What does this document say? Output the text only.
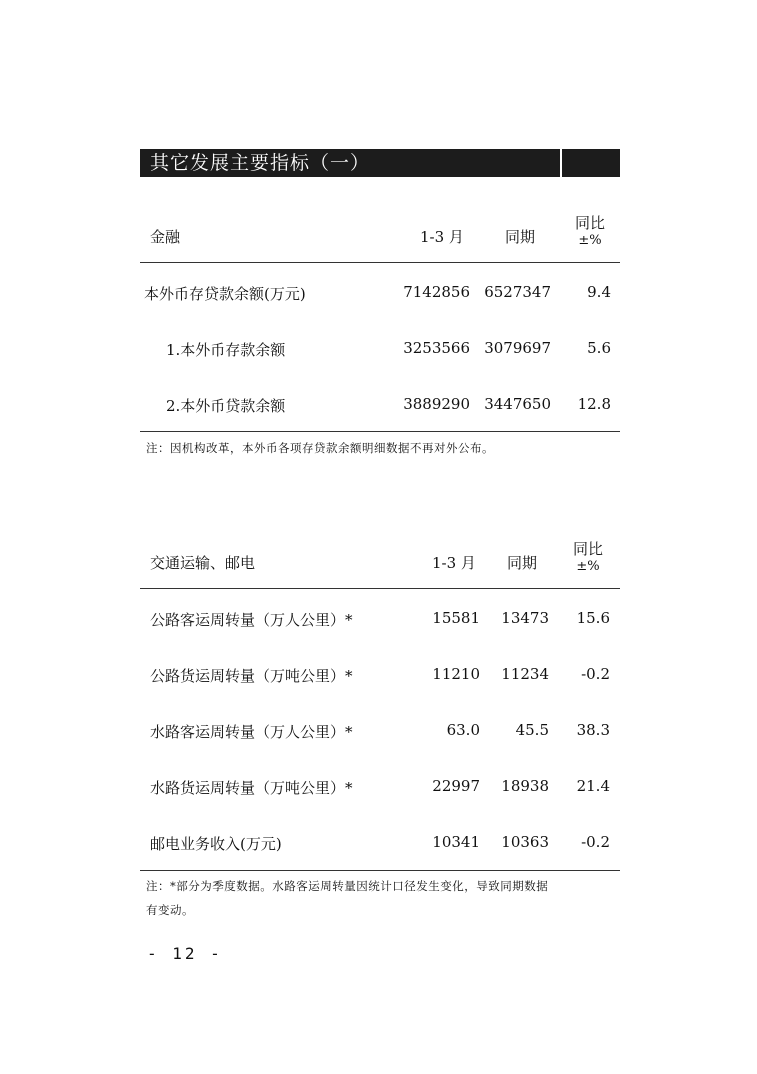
其它发展主要指标（一）
金融	1-3 月	同期
同比
±%
本外币存贷款余额(万元)	7142856 6527347 9.4
1.本外币存款余额	3253566 3079697 5.6
2.本外币贷款余额	3889290 3447650 12.8
注：因机构改革，本外币各项存贷款余额明细数据不再对外公布。
交通运输、邮电	1-3 月 同期
同比
±%
公路客运周转量（万人公里）*	15581 13473 15.6
公路货运周转量（万吨公里）*	11210 11234 -0.2
水路客运周转量（万人公里）*	63.0 45.5 38.3
水路货运周转量（万吨公里）*	22997 18938 21.4
邮电业务收入(万元)	10341 10363 -0.2
注：*部分为季度数据。水路客运周转量因统计口径发生变化，导致同期数据
有变动。
- 12 -
